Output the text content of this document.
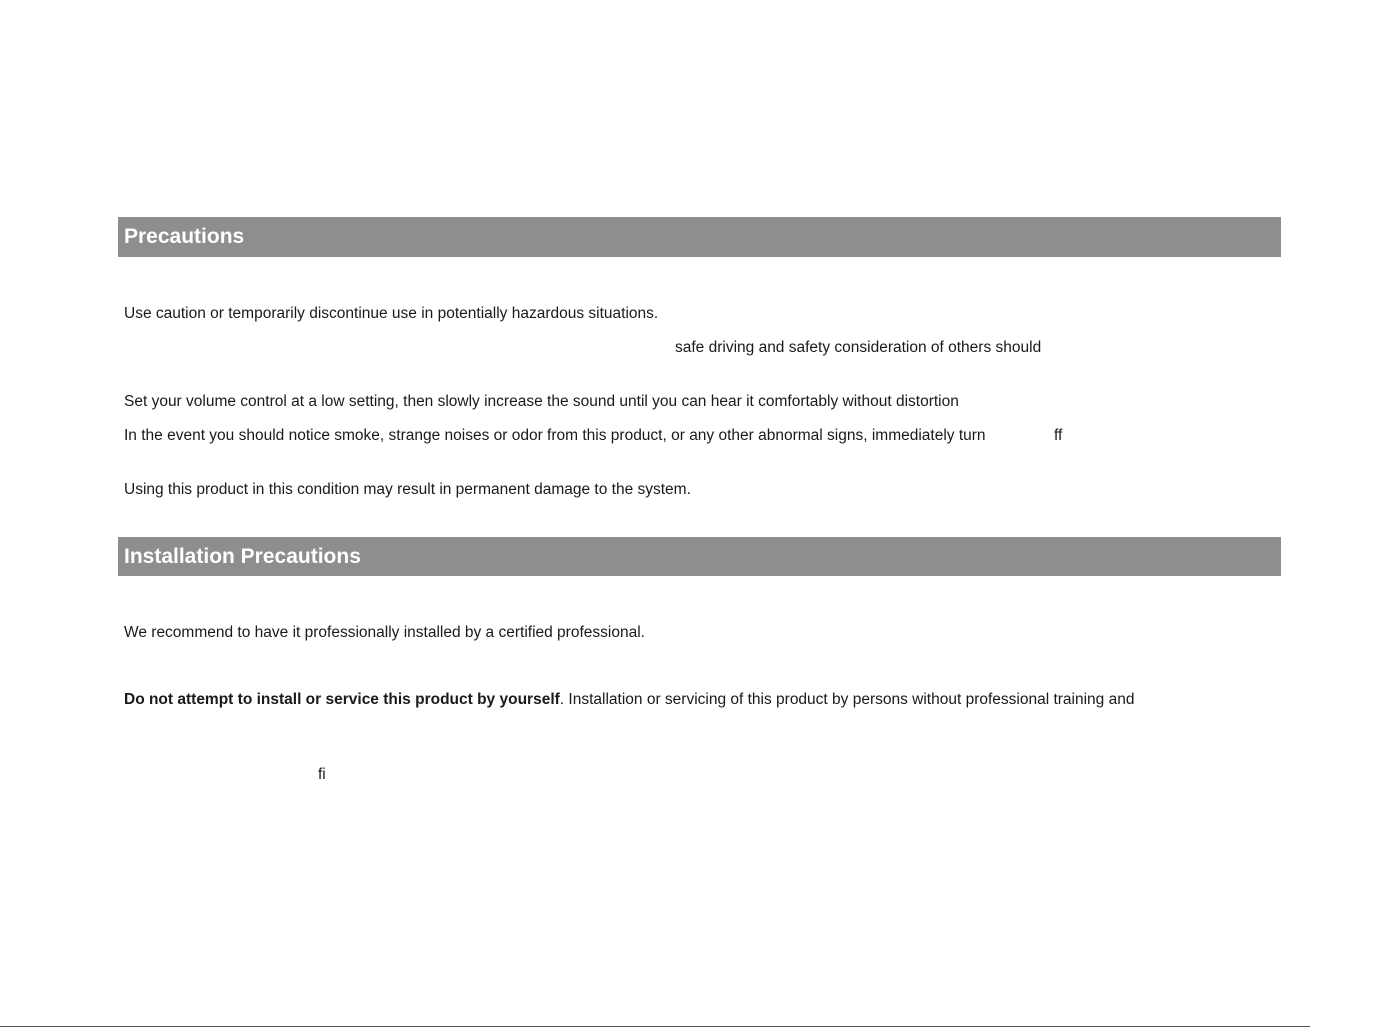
Precautions
Use caution or temporarily discontinue use in potentially hazardous situations.
safe driving and safety consideration of others should
Set your volume control at a low setting, then slowly increase the sound until you can hear it comfortably without distortion
In the event you should notice smoke, strange noises or odor from this product, or any other abnormal signs, immediately turn	ff
Using this product in this condition may result in permanent damage to the system.
Installation Precautions
We recommend to have it professionally installed by a certified professional.
Do not attempt to install or service this product by yourself. Installation or servicing of this product by persons without professional training and
fi
